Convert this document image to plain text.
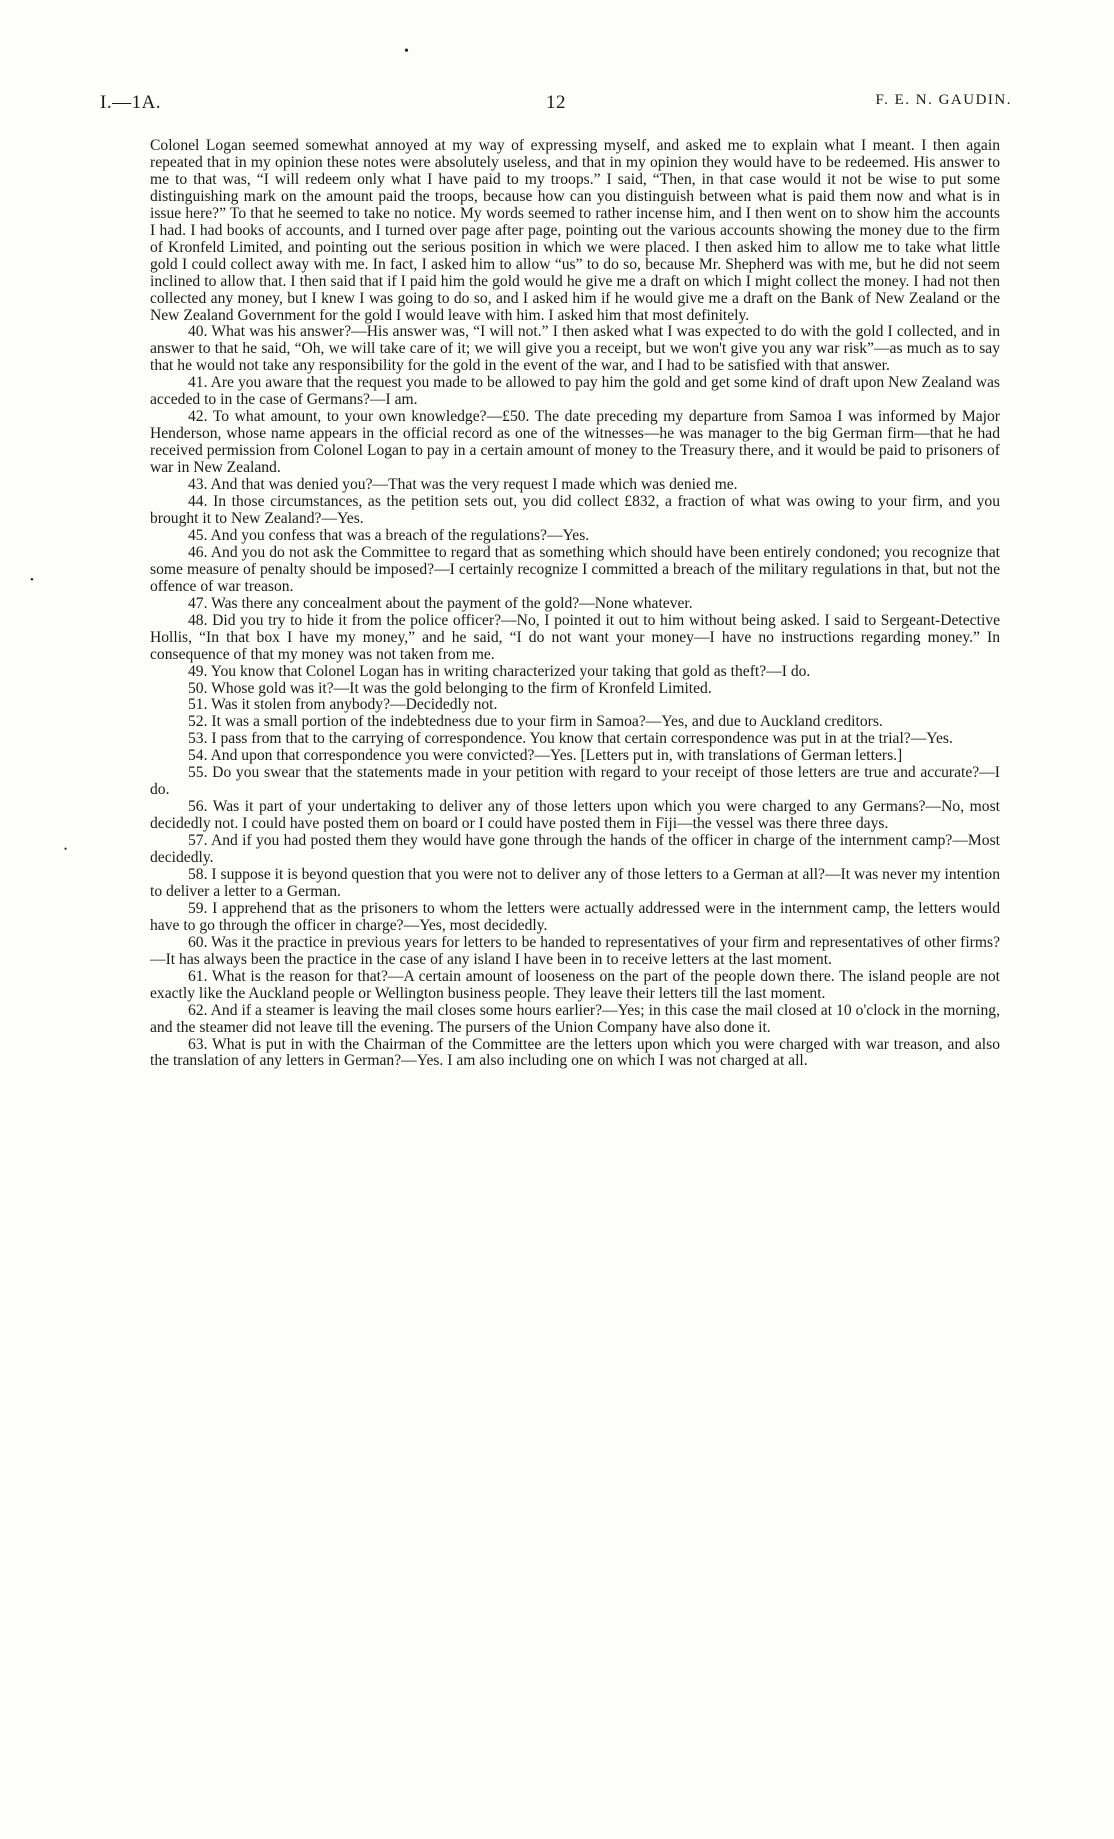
•
•
•
I.—1A.	12	F. E. N. GAUDIN.

Colonel Logan seemed somewhat annoyed at my way of expressing myself, and asked me to explain what I meant. I then again repeated that in my opinion these notes were absolutely useless, and that in my opinion they would have to be redeemed. His answer to me to that was, “I will redeem only what I have paid to my troops.” I said, “Then, in that case would it not be wise to put some distinguishing mark on the amount paid the troops, because how can you distinguish between what is paid them now and what is in issue here?” To that he seemed to take no notice. My words seemed to rather incense him, and I then went on to show him the accounts I had. I had books of accounts, and I turned over page after page, pointing out the various accounts showing the money due to the firm of Kronfeld Limited, and pointing out the serious position in which we were placed. I then asked him to allow me to take what little gold I could collect away with me. In fact, I asked him to allow “us” to do so, because Mr. Shepherd was with me, but he did not seem inclined to allow that. I then said that if I paid him the gold would he give me a draft on which I might collect the money. I had not then collected any money, but I knew I was going to do so, and I asked him if he would give me a draft on the Bank of New Zealand or the New Zealand Government for the gold I would leave with him. I asked him that most definitely.

40. What was his answer?—His answer was, “I will not.” I then asked what I was expected to do with the gold I collected, and in answer to that he said, “Oh, we will take care of it; we will give you a receipt, but we won't give you any war risk”—as much as to say that he would not take any responsibility for the gold in the event of the war, and I had to be satisfied with that answer.

41. Are you aware that the request you made to be allowed to pay him the gold and get some kind of draft upon New Zealand was acceded to in the case of Germans?—I am.

42. To what amount, to your own knowledge?—£50. The date preceding my departure from Samoa I was informed by Major Henderson, whose name appears in the official record as one of the witnesses—he was manager to the big German firm—that he had received permission from Colonel Logan to pay in a certain amount of money to the Treasury there, and it would be paid to prisoners of war in New Zealand.

43. And that was denied you?—That was the very request I made which was denied me.

44. In those circumstances, as the petition sets out, you did collect £832, a fraction of what was owing to your firm, and you brought it to New Zealand?—Yes.

45. And you confess that was a breach of the regulations?—Yes.

46. And you do not ask the Committee to regard that as something which should have been entirely condoned; you recognize that some measure of penalty should be imposed?—I certainly recognize I committed a breach of the military regulations in that, but not the offence of war treason.

47. Was there any concealment about the payment of the gold?—None whatever.

48. Did you try to hide it from the police officer?—No, I pointed it out to him without being asked. I said to Sergeant-Detective Hollis, “In that box I have my money,” and he said, “I do not want your money—I have no instructions regarding money.” In consequence of that my money was not taken from me.

49. You know that Colonel Logan has in writing characterized your taking that gold as theft?—I do.

50. Whose gold was it?—It was the gold belonging to the firm of Kronfeld Limited.

51. Was it stolen from anybody?—Decidedly not.

52. It was a small portion of the indebtedness due to your firm in Samoa?—Yes, and due to Auckland creditors.

53. I pass from that to the carrying of correspondence. You know that certain correspondence was put in at the trial?—Yes.

54. And upon that correspondence you were convicted?—Yes. [Letters put in, with translations of German letters.]

55. Do you swear that the statements made in your petition with regard to your receipt of those letters are true and accurate?—I do.

56. Was it part of your undertaking to deliver any of those letters upon which you were charged to any Germans?—No, most decidedly not. I could have posted them on board or I could have posted them in Fiji—the vessel was there three days.

57. And if you had posted them they would have gone through the hands of the officer in charge of the internment camp?—Most decidedly.

58. I suppose it is beyond question that you were not to deliver any of those letters to a German at all?—It was never my intention to deliver a letter to a German.

59. I apprehend that as the prisoners to whom the letters were actually addressed were in the internment camp, the letters would have to go through the officer in charge?—Yes, most decidedly.

60. Was it the practice in previous years for letters to be handed to representatives of your firm and representatives of other firms?—It has always been the practice in the case of any island I have been in to receive letters at the last moment.

61. What is the reason for that?—A certain amount of looseness on the part of the people down there. The island people are not exactly like the Auckland people or Wellington business people. They leave their letters till the last moment.

62. And if a steamer is leaving the mail closes some hours earlier?—Yes; in this case the mail closed at 10 o'clock in the morning, and the steamer did not leave till the evening. The pursers of the Union Company have also done it.

63. What is put in with the Chairman of the Committee are the letters upon which you were charged with war treason, and also the translation of any letters in German?—Yes. I am also including one on which I was not charged at all.
